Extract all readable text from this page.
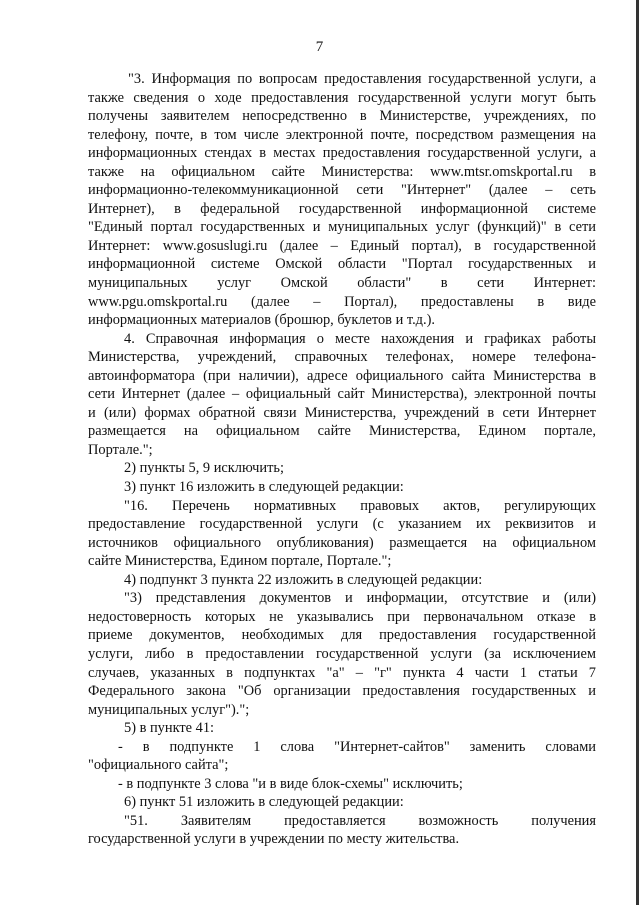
7
"3. Информация по вопросам предоставления государственной услуги, а
также сведения о ходе предоставления государственной услуги могут быть
получены заявителем непосредственно в Министерстве, учреждениях, по
телефону, почте, в том числе электронной почте, посредством размещения на
информационных стендах в местах предоставления государственной услуги, а
также на официальном сайте Министерства: www.mtsr.omskportal.ru в
информационно-телекоммуникационной сети "Интернет" (далее – сеть
Интернет), в федеральной государственной информационной системе
"Единый портал государственных и муниципальных услуг (функций)" в сети
Интернет: www.gosuslugi.ru (далее – Единый портал), в государственной
информационной системе Омской области "Портал государственных и
муниципальных услуг Омской области" в сети Интернет:
www.pgu.omskportal.ru (далее – Портал), предоставлены в виде
информационных материалов (брошюр, буклетов и т.д.).
4. Справочная информация о месте нахождения и графиках работы
Министерства, учреждений, справочных телефонах, номере телефона-
автоинформатора (при наличии), адресе официального сайта Министерства в
сети Интернет (далее – официальный сайт Министерства), электронной почты
и (или) формах обратной связи Министерства, учреждений в сети Интернет
размещается на официальном сайте Министерства, Едином портале,
Портале.";
2) пункты 5, 9 исключить;
3) пункт 16 изложить в следующей редакции:
"16. Перечень нормативных правовых актов, регулирующих
предоставление государственной услуги (с указанием их реквизитов и
источников официального опубликования) размещается на официальном
сайте Министерства, Едином портале, Портале.";
4) подпункт 3 пункта 22 изложить в следующей редакции:
"3) представления документов и информации, отсутствие и (или)
недостоверность которых не указывались при первоначальном отказе в
приеме документов, необходимых для предоставления государственной
услуги, либо в предоставлении государственной услуги (за исключением
случаев, указанных в подпунктах "а" – "г" пункта 4 части 1 статьи 7
Федерального закона "Об организации предоставления государственных и
муниципальных услуг").";
5) в пункте 41:
- в подпункте 1 слова "Интернет-сайтов" заменить словами
"официального сайта";
- в подпункте 3 слова "и в виде блок-схемы" исключить;
6) пункт 51 изложить в следующей редакции:
"51. Заявителям предоставляется возможность получения
государственной услуги в учреждении по месту жительства.
